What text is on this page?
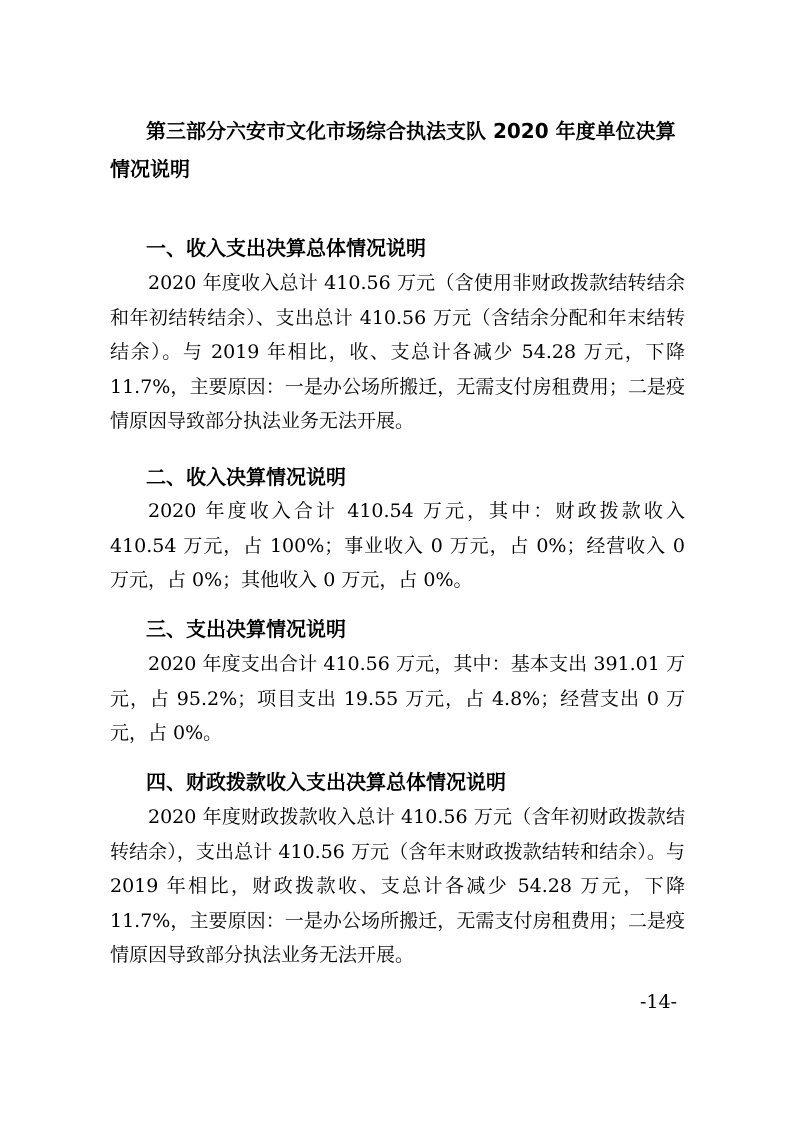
第三部分六安市文化市场综合执法支队 2020 年度单位决算情况说明
一、收入支出决算总体情况说明
2020 年度收入总计 410.56 万元（含使用非财政拨款结转结余和年初结转结余）、支出总计 410.56 万元（含结余分配和年末结转结余）。与 2019 年相比，收、支总计各减少 54.28 万元，下降 11.7%，主要原因：一是办公场所搬迁，无需支付房租费用；二是疫情原因导致部分执法业务无法开展。
二、收入决算情况说明
2020 年度收入合计 410.54 万元，其中：财政拨款收入 410.54 万元，占 100%；事业收入 0 万元，占 0%；经营收入 0 万元，占 0%；其他收入 0 万元，占 0%。
三、支出决算情况说明
2020 年度支出合计 410.56 万元，其中：基本支出 391.01 万元，占 95.2%；项目支出 19.55 万元，占 4.8%；经营支出 0 万元，占 0%。
四、财政拨款收入支出决算总体情况说明
2020 年度财政拨款收入总计 410.56 万元（含年初财政拨款结转结余），支出总计 410.56 万元（含年末财政拨款结转和结余）。与 2019 年相比，财政拨款收、支总计各减少 54.28 万元，下降 11.7%，主要原因：一是办公场所搬迁，无需支付房租费用；二是疫情原因导致部分执法业务无法开展。
-14-
